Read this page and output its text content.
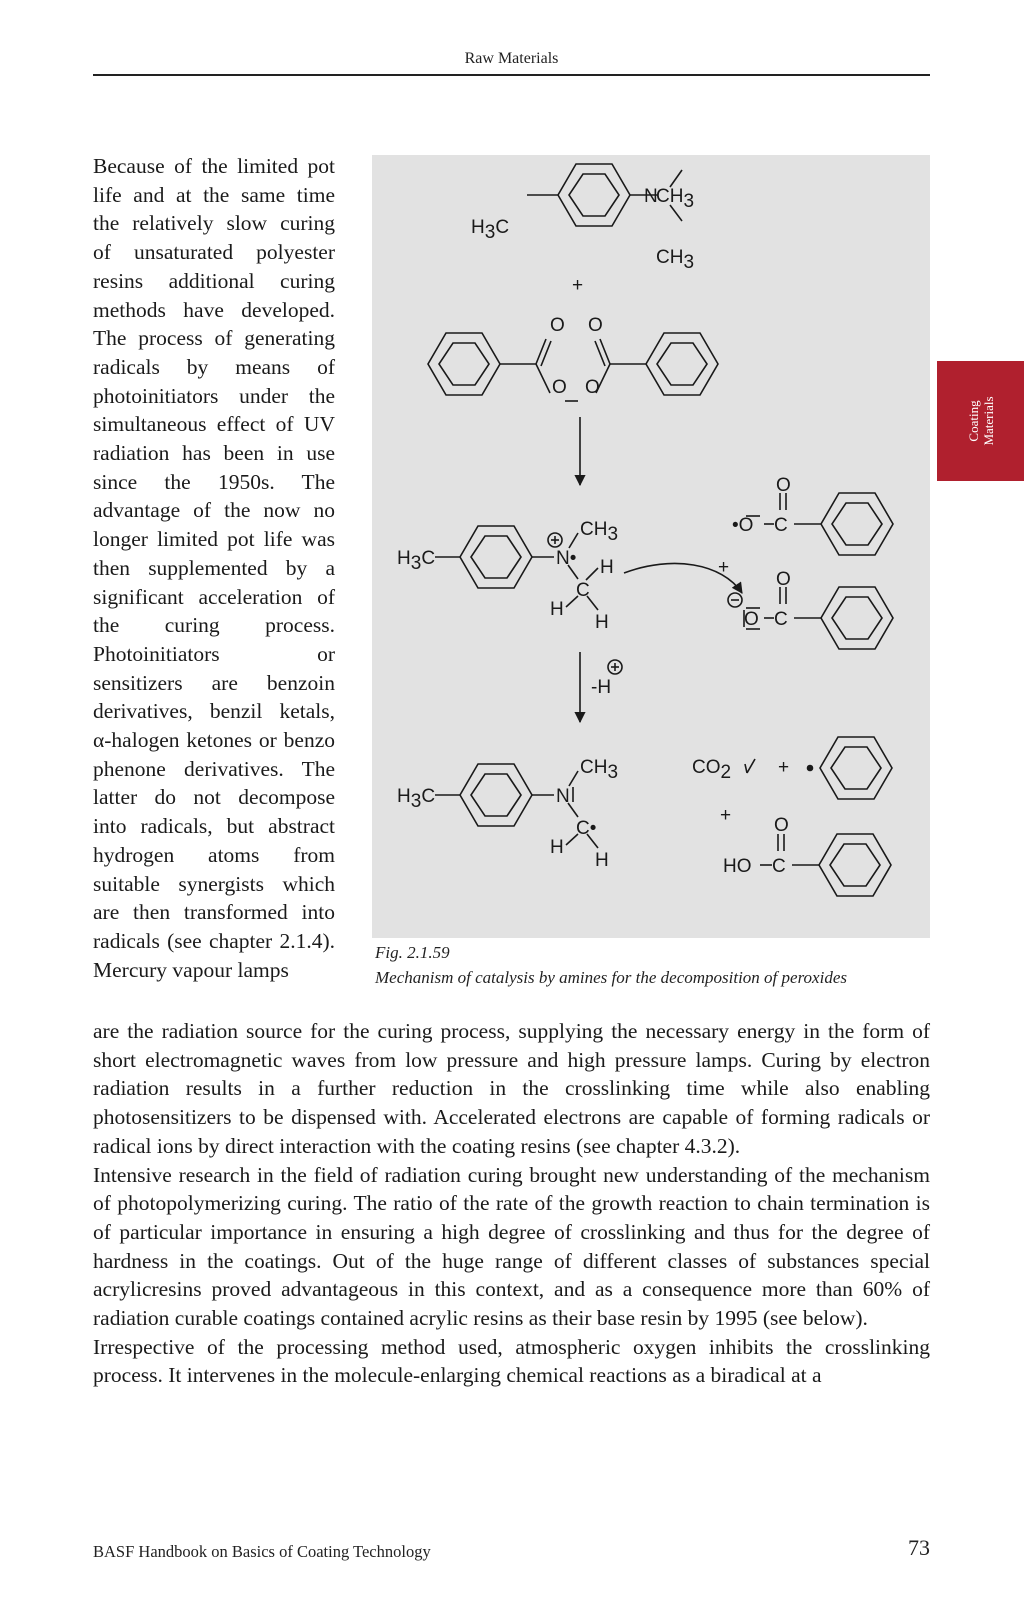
Raw Materials
Coating Materials

Because of the limited pot life and at the same time the relatively slow curing of unsaturated polyester resins additional curing methods have developed. The process of generating radicals by means of photoinitiators under the simultaneous effect of UV radiation has been in use since the 1950s. The advantage of the now no longer limited pot life was then supplemented by a significant acceleration of the curing process. Photoinitiators or sensitizers are benzoin derivatives, benzil ketals, α-halogen ketones or benzo phenone derivatives. The latter do not decompose into radicals, but abstract hydrogen atoms from suitable synergists which are then transformed into radicals (see chapter 2.1.4). Mercury vapour lamps

H3C
N
CH3
CH3
+
O O
O O
H3C	N•
CH3
C
H
H
H
+
•O C
O
O C
O
-H
H3C	N
CH3
C•
H
H
CO2 +
+
HO C
O
Fig. 2.1.59
Mechanism of catalysis by amines for the decomposition of peroxides

are the radiation source for the curing process, supplying the necessary energy in the form of short electromagnetic waves from low pressure and high pressure lamps. Curing by electron radiation results in a further reduction in the crosslinking time while also enabling photosensitizers to be dispensed with. Accelerated electrons are capable of forming radicals or radical ions by direct interaction with the coating resins (see chapter 4.3.2).

Intensive research in the field of radiation curing brought new understanding of the mechanism of photopolymerizing curing. The ratio of the rate of the growth reaction to chain termination is of particular importance in ensuring a high degree of crosslinking and thus for the degree of hardness in the coatings. Out of the huge range of different classes of substances special acrylicresins proved advantageous in this context, and as a consequence more than 60% of radiation curable coatings contained acrylic resins as their base resin by 1995 (see below).

Irrespective of the processing method used, atmospheric oxygen inhibits the crosslinking process. It intervenes in the molecule-enlarging chemical reactions as a biradical at a

BASF Handbook on Basics of Coating Technology	73
